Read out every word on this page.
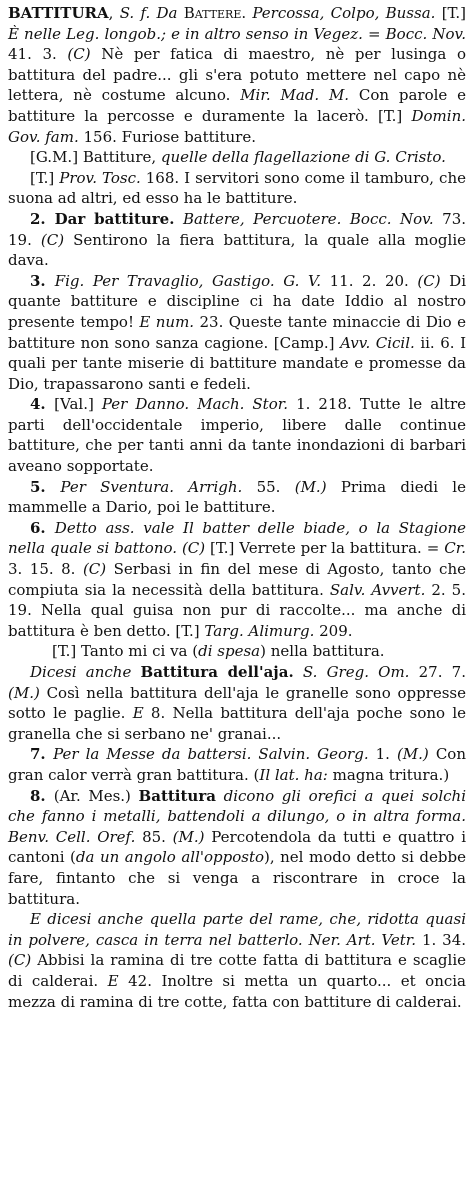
BATTITURA, S. f. Da Battere. Percossa, Colpo, Bussa. [T.] È nelle Leg. longob.; e in altro senso in Vegez. = Bocc. Nov. 41. 3. (C) Nè per fatica di maestro, nè per lusinga o battitura del padre... gli s'era potuto mettere nel capo nè lettera, nè costume alcuno. Mir. Mad. M. Con parole e battiture la percosse e duramente la lacerò. [T.] Domin. Gov. fam. 156. Furiose battiture.

[G.M.] Battiture, quelle della flagellazione di G. Cristo.

[T.] Prov. Tosc. 168. I servitori sono come il tamburo, che suona ad altri, ed esso ha le battiture.

2. Dar battiture. Battere, Percuotere. Bocc. Nov. 73. 19. (C) Sentirono la fiera battitura, la quale alla moglie dava.

3. Fig. Per Travaglio, Gastigo. G. V. 11. 2. 20. (C) Di quante battiture e discipline ci ha date Iddio al nostro presente tempo! E num. 23. Queste tante minaccie di Dio e battiture non sono sanza cagione. [Camp.] Avv. Cicil. ii. 6. I quali per tante miserie di battiture mandate e promesse da Dio, trapassarono santi e fedeli.

4. [Val.] Per Danno. Mach. Stor. 1. 218. Tutte le altre parti dell'occidentale imperio, libere dalle continue battiture, che per tanti anni da tante inondazioni di barbari aveano sopportate.

5. Per Sventura. Arrigh. 55. (M.) Prima diedi le mammelle a Dario, poi le battiture.

6. Detto ass. vale Il batter delle biade, o la Stagione nella quale si battono. (C) [T.] Verrete per la battitura. = Cr. 3. 15. 8. (C) Serbasi in fin del mese di Agosto, tanto che compiuta sia la necessità della battitura. Salv. Avvert. 2. 5. 19. Nella qual guisa non pur di raccolte... ma anche di battitura è ben detto. [T.] Targ. Alimurg. 209.

[T.] Tanto mi ci va (di spesa) nella battitura.

Dicesi anche Battitura dell'aja. S. Greg. Om. 27. 7. (M.) Così nella battitura dell'aja le granelle sono oppresse sotto le paglie. E 8. Nella battitura dell'aja poche sono le granella che si serbano ne' granai...

7. Per la Messe da battersi. Salvin. Georg. 1. (M.) Con gran calor verrà gran battitura. (Il lat. ha: magna tritura.)

8. (Ar. Mes.) Battitura dicono gli orefici a quei solchi che fanno i metalli, battendoli a dilungo, o in altra forma. Benv. Cell. Oref. 85. (M.) Percotendola da tutti e quattro i cantoni (da un angolo all'opposto), nel modo detto si debbe fare, fintanto che si venga a riscontrare in croce la battitura.

E dicesi anche quella parte del rame, che, ridotta quasi in polvere, casca in terra nel batterlo. Ner. Art. Vetr. 1. 34. (C) Abbisi la ramina di tre cotte fatta di battitura e scaglie di calderai. E 42. Inoltre si metta un quarto... et oncia mezza di ramina di tre cotte, fatta con battiture di calderai.
